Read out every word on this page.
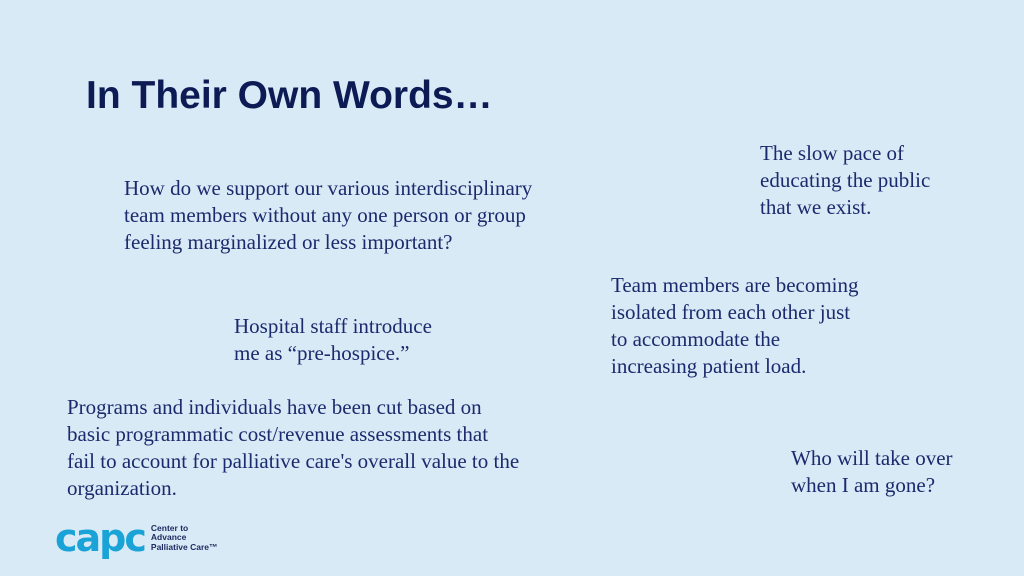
In Their Own Words…
The slow pace of
educating the public
that we exist.
How do we support our various interdisciplinary
team members without any one person or group
feeling marginalized or less important?
Team members are becoming
isolated from each other just
to accommodate the
increasing patient load.
Hospital staff introduce
me as “pre-hospice.”
Programs and individuals have been cut based on
basic programmatic cost/revenue assessments that
fail to account for palliative care's overall value to the
organization.
Who will take over
when I am gone?
capc Center to
Advance
Palliative Care™
